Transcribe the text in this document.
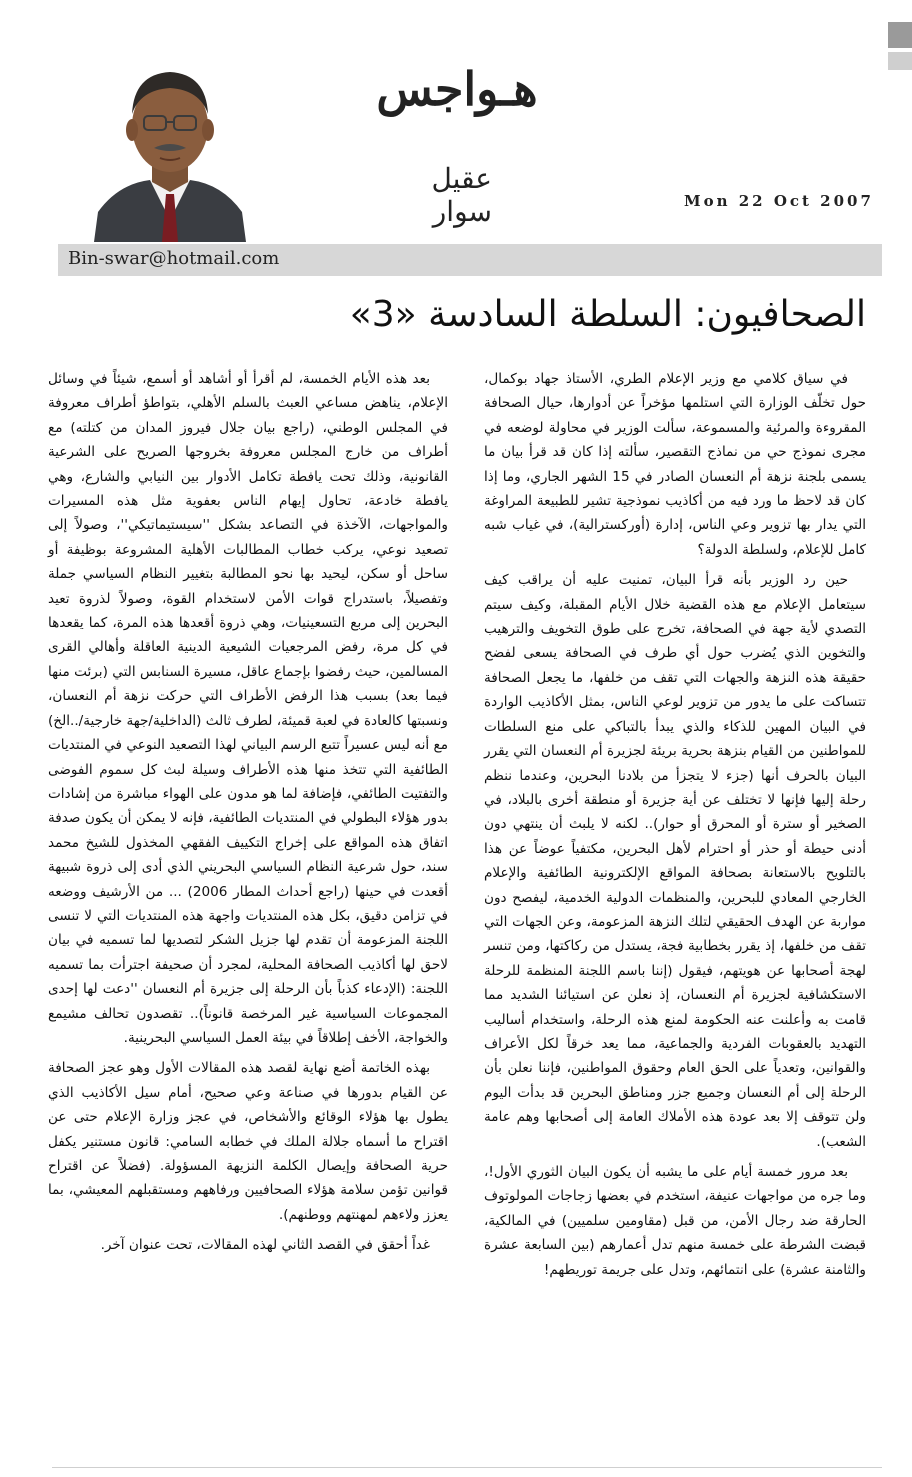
هـواجس
عقيل سوار	Mon 22 Oct 2007
Bin-swar@hotmail.com
الصحافيون: السلطة السادسة «3»

في سياق كلامي مع وزير الإعلام الطري، الأستاذ جهاد بوكمال، حول تخلّف الوزارة التي استلمها مؤخراً عن أدوارها، حيال الصحافة المقروءة والمرئية والمسموعة، سألت الوزير في محاولة لوضعه في مجرى نموذج حي من نماذج التقصير، سألته إذا كان قد قرأ بيان ما يسمى بلجنة نزهة أم النعسان الصادر في 15 الشهر الجاري، وما إذا كان قد لاحظ ما ورد فيه من أكاذيب نموذجية تشير للطبيعة المراوغة التي يدار بها تزوير وعي الناس، إدارة (أوركسترالية)، في غياب شبه كامل للإعلام، ولسلطة الدولة؟

حين رد الوزير بأنه قرأ البيان، تمنيت عليه أن يراقب كيف سيتعامل الإعلام مع هذه القضية خلال الأيام المقبلة، وكيف سيتم التصدي لأية جهة في الصحافة، تخرج على طوق التخويف والترهيب والتخوين الذي يُضرب حول أي طرف في الصحافة يسعى لفضح حقيقة هذه النزهة والجهات التي تقف من خلفها، ما يجعل الصحافة تتساكت على ما يدور من تزوير لوعي الناس، بمثل الأكاذيب الواردة في البيان المهين للذكاء والذي يبدأ بالتباكي على منع السلطات للمواطنين من القيام بنزهة بحرية بريئة لجزيرة أم النعسان التي يقرر البيان بالحرف أنها (جزء لا يتجزأ من بلادنا البحرين، وعندما ننظم رحلة إليها فإنها لا تختلف عن أية جزيرة أو منطقة أخرى بالبلاد، في الصخير أو سترة أو المحرق أو حوار).. لكنه لا يلبث أن ينتهي دون أدنى حيطة أو حذر أو احترام لأهل البحرين، مكتفياً عوضاً عن هذا بالتلويح بالاستعانة بصحافة المواقع الإلكترونية الطائفية والإعلام الخارجي المعادي للبحرين، والمنظمات الدولية الخدمية، ليفصح دون مواربة عن الهدف الحقيقي لتلك النزهة المزعومة، وعن الجهات التي تقف من خلفها، إذ يقرر بخطابية فجة، يستدل من ركاكتها، ومن تنسر لهجة أصحابها عن هويتهم، فيقول (إننا باسم اللجنة المنظمة للرحلة الاستكشافية لجزيرة أم النعسان، إذ نعلن عن استيائنا الشديد مما قامت به وأعلنت عنه الحكومة لمنع هذه الرحلة، واستخدام أساليب التهديد بالعقوبات الفردية والجماعية، مما يعد خرقاً لكل الأعراف والقوانين، وتعدياً على الحق العام وحقوق المواطنين، فإننا نعلن بأن الرحلة إلى أم النعسان وجميع جزر ومناطق البحرين قد بدأت اليوم ولن تتوقف إلا بعد عودة هذه الأملاك العامة إلى أصحابها وهم عامة الشعب).

بعد مرور خمسة أيام على ما يشبه أن يكون البيان الثوري الأول!، وما جره من مواجهات عنيفة، استخدم في بعضها زجاجات المولوتوف الحارقة ضد رجال الأمن، من قبل (مقاومين سلميين) في المالكية، قبضت الشرطة على خمسة منهم تدل أعمارهم (بين السابعة عشرة والثامنة عشرة) على انتمائهم، وتدل على جريمة توريطهم!

بعد هذه الأيام الخمسة، لم أقرأ أو أشاهد أو أسمع، شيئاً في وسائل الإعلام، يناهض مساعي العبث بالسلم الأهلي، بتواطؤ أطراف معروفة في المجلس الوطني، (راجع بيان جلال فيروز المدان من كتلته) مع أطراف من خارج المجلس معروفة بخروجها الصريح على الشرعية القانونية، وذلك تحت يافطة تكامل الأدوار بين النيابي والشارع، وهي يافطة خادعة، تحاول إيهام الناس بعفوية مثل هذه المسيرات والمواجهات، الآخذة في التصاعد بشكل ''سيستيماتيكي''، وصولاً إلى تصعيد نوعي، يركب خطاب المطالبات الأهلية المشروعة بوظيفة أو ساحل أو سكن، ليحيد بها نحو المطالبة بتغيير النظام السياسي جملة وتفصيلاً، باستدراج قوات الأمن لاستخدام القوة، وصولاً لذروة تعيد البحرين إلى مربع التسعينيات، وهي ذروة أقعدها هذه المرة، كما يقعدها في كل مرة، رفض المرجعيات الشيعية الدينية العاقلة وأهالي القرى المسالمين، حيث رفضوا بإجماع عاقل، مسيرة السنابس التي (برئت منها فيما بعد) بسبب هذا الرفض الأطراف التي حركت نزهة أم النعسان، ونسبتها كالعادة في لعبة قميئة، لطرف ثالث (الداخلية/جهة خارجية/..الخ) مع أنه ليس عسيراً تتبع الرسم البياني لهذا التصعيد النوعي في المنتديات الطائفية التي تتخذ منها هذه الأطراف وسيلة لبث كل سموم الفوضى والتفتيت الطائفي، فإضافة لما هو مدون على الهواء مباشرة من إشادات بدور هؤلاء البطولي في المنتديات الطائفية، فإنه لا يمكن أن يكون صدفة اتفاق هذه المواقع على إخراج التكييف الفقهي المخذول للشيخ محمد سند، حول شرعية النظام السياسي البحريني الذي أدى إلى ذروة شبيهة أقعدت في حينها (راجع أحداث المطار 2006) ... من الأرشيف ووضعه في تزامن دقيق، بكل هذه المنتديات واجهة هذه المنتديات التي لا تنسى اللجنة المزعومة أن تقدم لها جزيل الشكر لتصديها لما تسميه في بيان لاحق لها أكاذيب الصحافة المحلية، لمجرد أن صحيفة اجترأت بما تسميه اللجنة: (الإدعاء كذباً بأن الرحلة إلى جزيرة أم النعسان ''دعت لها إحدى المجموعات السياسية غير المرخصة قانوناً).. تقصدون تحالف مشيمع والخواجة، الأخف إطلاقاً في بيئة العمل السياسي البحرينية.

بهذه الخاتمة أضع نهاية لقصد هذه المقالات الأول وهو عجز الصحافة عن القيام بدورها في صناعة وعي صحيح، أمام سيل الأكاذيب الذي يطول بها هؤلاء الوقائع والأشخاص، في عجز وزارة الإعلام حتى عن اقتراح ما أسماه جلالة الملك في خطابه السامي: قانون مستنير يكفل حرية الصحافة وإيصال الكلمة النزيهة المسؤولة. (فضلاً عن اقتراح قوانين تؤمن سلامة هؤلاء الصحافيين ورفاههم ومستقبلهم المعيشي، بما يعزز ولاءهم لمهنتهم ووطنهم).

غداً أحقق في القصد الثاني لهذه المقالات، تحت عنوان آخر.
